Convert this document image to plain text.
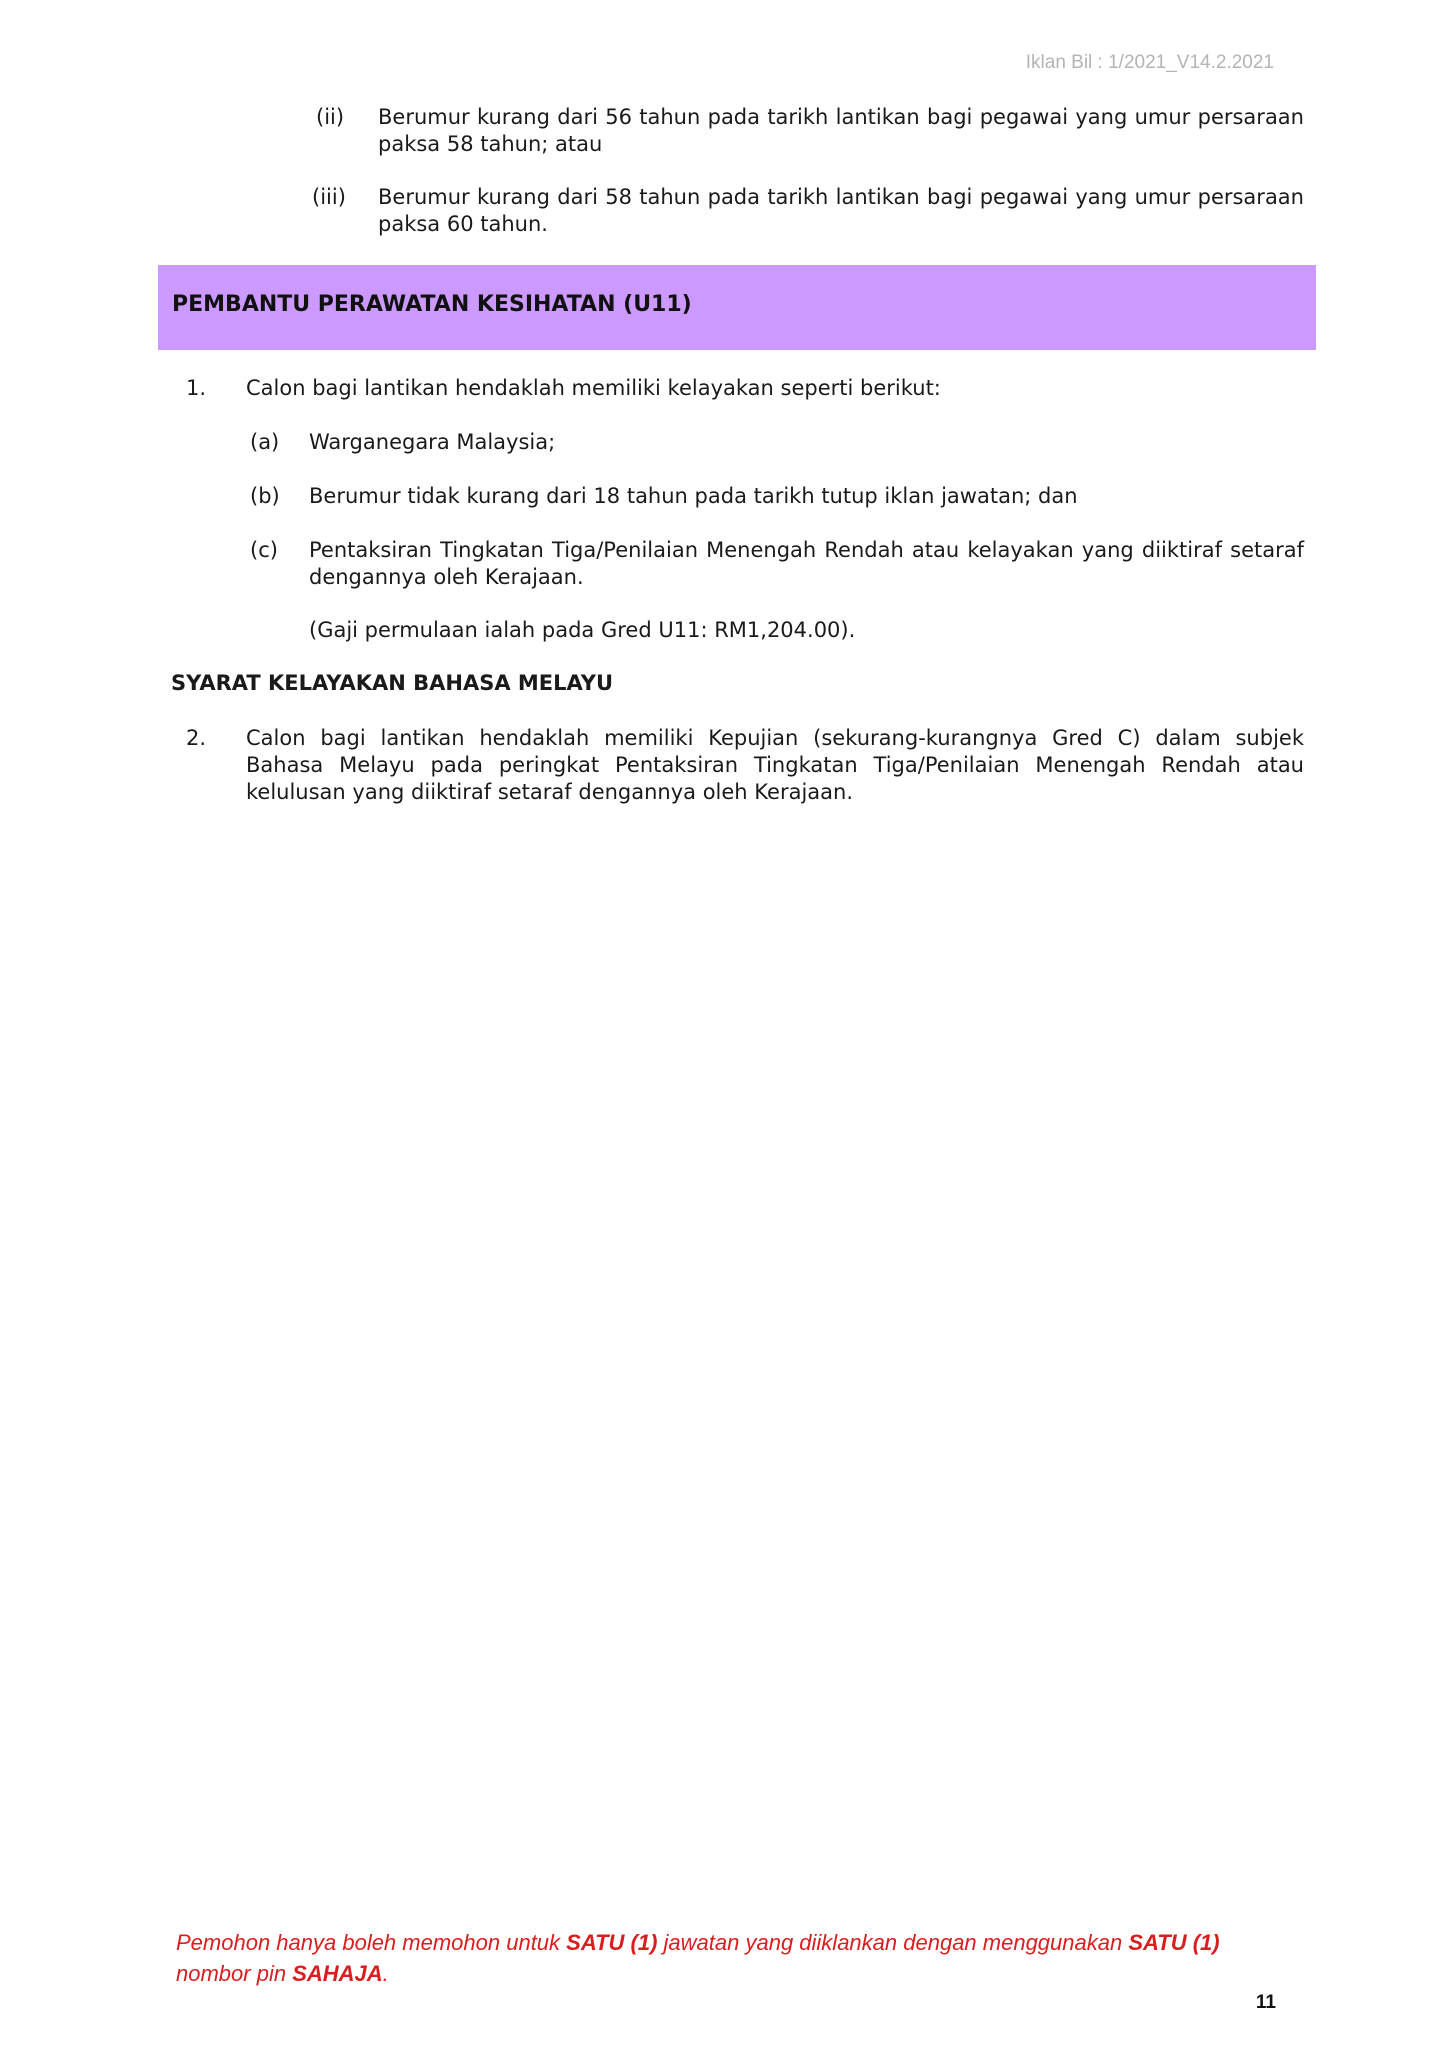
Iklan Bil : 1/2021_V14.2.2021
(ii) Berumur kurang dari 56 tahun pada tarikh lantikan bagi pegawai yang umur persaraan paksa 58 tahun; atau
(iii) Berumur kurang dari 58 tahun pada tarikh lantikan bagi pegawai yang umur persaraan paksa 60 tahun.
PEMBANTU PERAWATAN KESIHATAN (U11)
1. Calon bagi lantikan hendaklah memiliki kelayakan seperti berikut:
(a) Warganegara Malaysia;
(b) Berumur tidak kurang dari 18 tahun pada tarikh tutup iklan jawatan; dan
(c) Pentaksiran Tingkatan Tiga/Penilaian Menengah Rendah atau kelayakan yang diiktiraf setaraf dengannya oleh Kerajaan.
(Gaji permulaan ialah pada Gred U11: RM1,204.00).
SYARAT KELAYAKAN BAHASA MELAYU
2. Calon bagi lantikan hendaklah memiliki Kepujian (sekurang-kurangnya Gred C) dalam subjek Bahasa Melayu pada peringkat Pentaksiran Tingkatan Tiga/Penilaian Menengah Rendah atau kelulusan yang diiktiraf setaraf dengannya oleh Kerajaan.
Pemohon hanya boleh memohon untuk SATU (1) jawatan yang diiklankan dengan menggunakan SATU (1) nombor pin SAHAJA.
11
